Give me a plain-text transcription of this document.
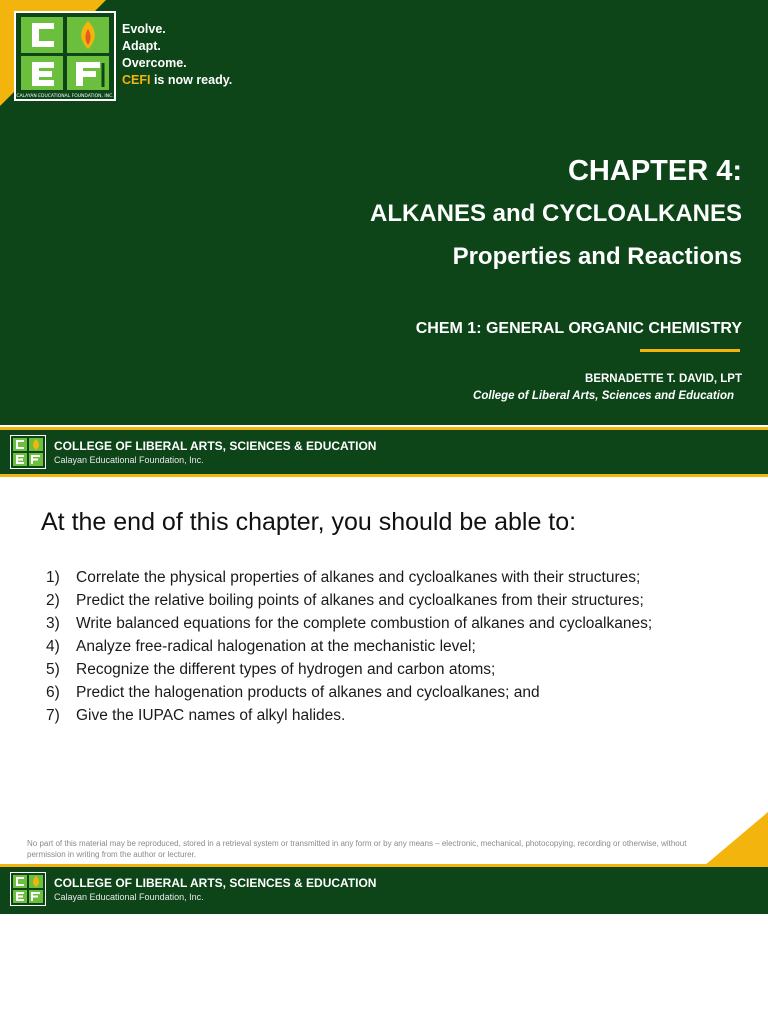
CALAYAN EDUCATIONAL FOUNDATION, INC.
Evolve.
Adapt.
Overcome.
CEFI is now ready.
CHAPTER 4:
ALKANES and CYCLOALKANES
Properties and Reactions
CHEM 1: GENERAL ORGANIC CHEMISTRY
BERNADETTE T. DAVID, LPT
College of Liberal Arts, Sciences and Education
COLLEGE OF LIBERAL ARTS, SCIENCES & EDUCATION
Calayan Educational Foundation, Inc.
At the end of this chapter, you should be able to:
1)	Correlate the physical properties of alkanes and cycloalkanes with their structures;
2)	Predict the relative boiling points of alkanes and cycloalkanes from their structures;
3)	Write balanced equations for the complete combustion of alkanes and cycloalkanes;
4)	Analyze free-radical halogenation at the mechanistic level;
5)	Recognize the different types of hydrogen and carbon atoms;
6)	Predict the halogenation products of alkanes and cycloalkanes; and
7)	Give the IUPAC names of alkyl halides.
No part of this material may be reproduced, stored in a retrieval system or transmitted in any form or by any means – electronic, mechanical, photocopying, recording or otherwise, without permission in writing from the author or lecturer.
COLLEGE OF LIBERAL ARTS, SCIENCES & EDUCATION
Calayan Educational Foundation, Inc.
